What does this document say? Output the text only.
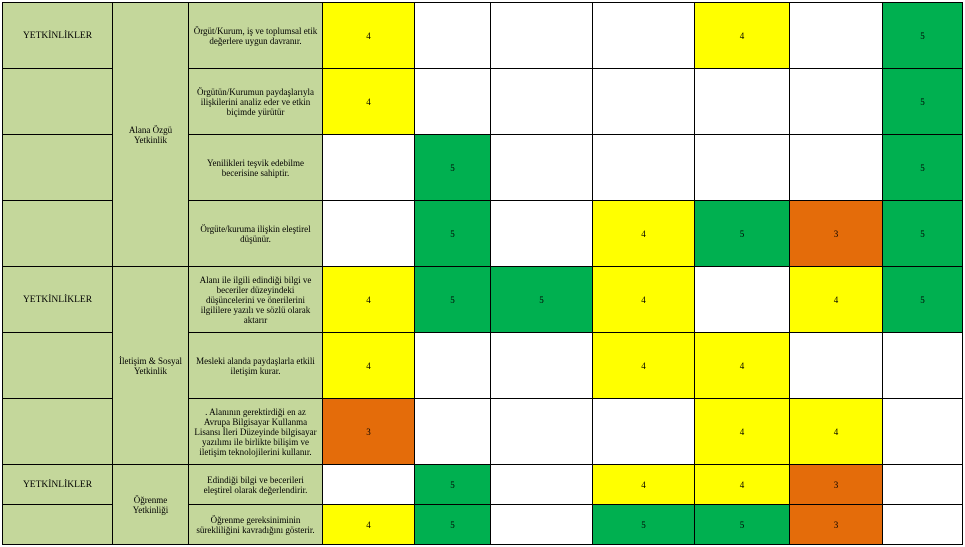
YETKİNLİKLER	Alana Özgü Yetkinlik	Örgüt/Kurum, iş ve toplumsal etik değerlere uygun davranır.	4				4		5
		Örgütün/Kurumun paydaşlarıyla ilişkilerini analiz eder ve etkin biçimde yürütür	4						5
		Yenilikleri teşvik edebilme becerisine sahiptir.		5					5
		Örgüte/kuruma ilişkin eleştirel düşünür.		5		4	5	3	5
YETKİNLİKLER	İletişim & Sosyal Yetkinlik	Alanı ile ilgili edindiği bilgi ve beceriler düzeyindeki düşüncelerini ve önerilerini ilgililere yazılı ve sözlü olarak aktarır	4	5	5	4		4	5
		Mesleki alanda paydaşlarla etkili iletişim kurar.	4			4	4		
		. Alanının gerektirdiği en az Avrupa Bilgisayar Kullanma Lisansı İleri Düzeyinde bilgisayar yazılımı ile birlikte bilişim ve iletişim teknolojilerini kullanır.	3				4	4	
YETKİNLİKLER	Öğrenme Yetkinliği	Edindiği bilgi ve becerileri eleştirel olarak değerlendirir.		5		4	4	3	
		Öğrenme gereksiniminin sürekliliğini kavradığını gösterir.	4	5		5	5	3	
